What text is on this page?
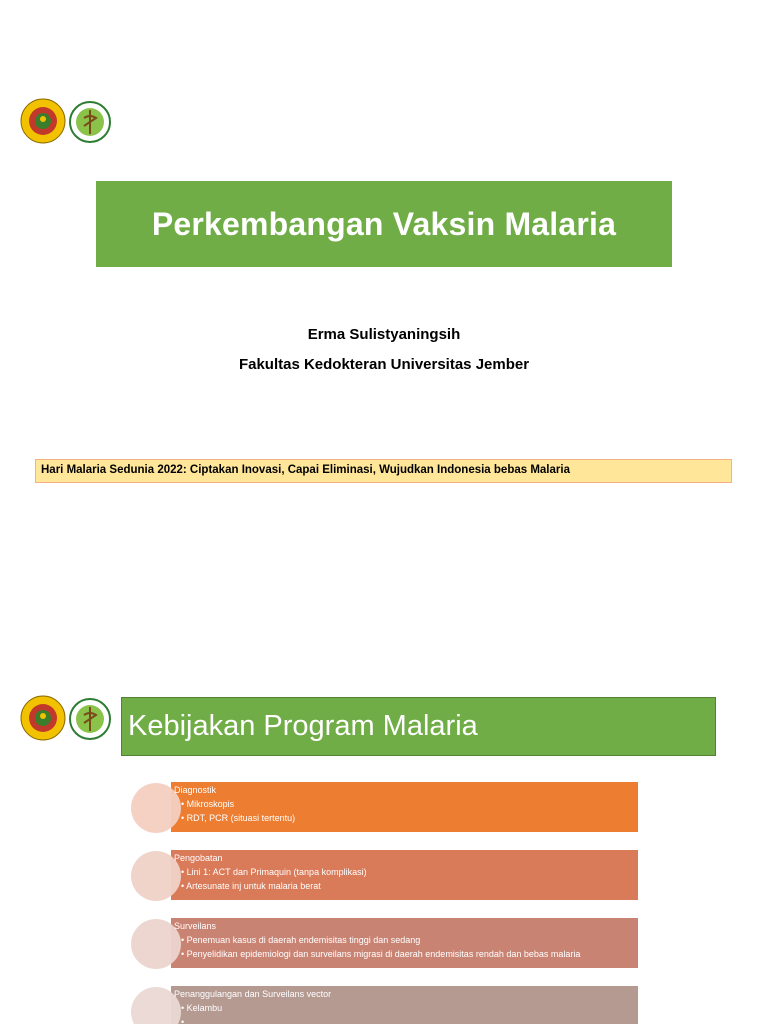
Perkembangan Vaksin Malaria
Erma Sulistyaningsih
Fakultas Kedokteran Universitas Jember
Hari Malaria Sedunia 2022: Ciptakan Inovasi, Capai Eliminasi, Wujudkan Indonesia bebas Malaria
Kebijakan Program Malaria
Diagnostik
• Mikroskopis
• RDT, PCR (situasi tertentu)
Pengobatan
• Lini 1: ACT dan Primaquin (tanpa komplikasi)
• Artesunate inj untuk malaria berat
Surveilans
• Penemuan kasus di daerah endemisitas tinggi dan sedang
• Penyelidikan epidemiologi dan surveilans migrasi di daerah endemisitas rendah dan bebas malaria
Penanggulangan dan Surveilans vector
• Kelambu
•
